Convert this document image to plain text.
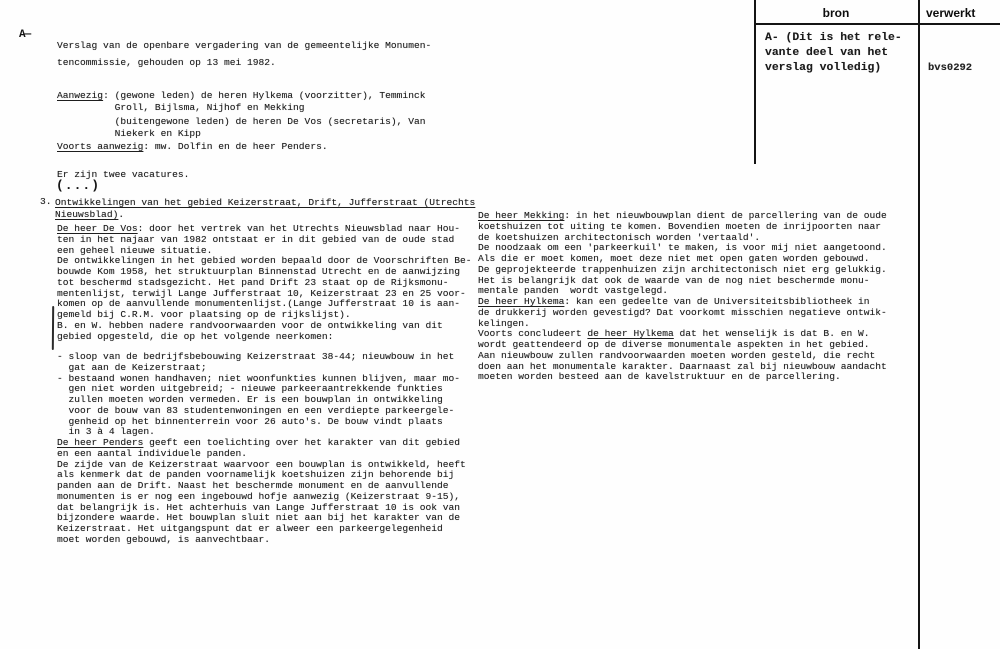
bron	verwerkt
A- (Dit is het rele-
vante deel van het
verslag volledig)	bvs0292
A—
Verslag van de openbare vergadering van de gemeentelijke Monumen-
tencommissie, gehouden op 13 mei 1982.
Aanwezig: (gewone leden) de heren Hylkema (voorzitter), Temminck
Groll, Bijlsma, Nijhof en Mekking
(buitengewone leden) de heren De Vos (secretaris), Van
Niekerk en Kipp
Voorts aanwezig: mw. Dolfin en de heer Penders.
Er zijn twee vacatures.
(...)
3. Ontwikkelingen van het gebied Keizerstraat, Drift, Jufferstraat (Utrechts
Nieuwsblad).
De heer De Vos: door het vertrek van het Utrechts Nieuwsblad naar Hou-
ten in het najaar van 1982 ontstaat er in dit gebied van de oude stad
een geheel nieuwe situatie.
De ontwikkelingen in het gebied worden bepaald door de Voorschriften Be-
bouwde Kom 1958, het struktuurplan Binnenstad Utrecht en de aanwijzing
tot beschermd stadsgezicht. Het pand Drift 23 staat op de Rijksmonu-
mentenlijst, terwijl Lange Jufferstraat 10, Keizerstraat 23 en 25 voor-
komen op de aanvullende monumentenlijst.(Lange Jufferstraat 10 is aan-
gemeld bij C.R.M. voor plaatsing op de rijkslijst).
B. en W. hebben nadere randvoorwaarden voor de ontwikkeling van dit
gebied opgesteld, die op het volgende neerkomen:
- sloop van de bedrijfsbebouwing Keizerstraat 38-44; nieuwbouw in het
gat aan de Keizerstraat;
- bestaand wonen handhaven; niet woonfunkties kunnen blijven, maar mo-
gen niet worden uitgebreid; - nieuwe parkeeraantrekkende funkties
zullen moeten worden vermeden. Er is een bouwplan in ontwikkeling
voor de bouw van 83 studentenwoningen en een verdiepte parkeergele-
genheid op het binnenterrein voor 26 auto's. De bouw vindt plaats
in 3 à 4 lagen.
De heer Penders geeft een toelichting over het karakter van dit gebied
en een aantal individuele panden.
De zijde van de Keizerstraat waarvoor een bouwplan is ontwikkeld, heeft
als kenmerk dat de panden voornamelijk koetshuizen zijn behorende bij
panden aan de Drift. Naast het beschermde monument en de aanvullende
monumenten is er nog een ingebouwd hofje aanwezig (Keizerstraat 9-15),
dat belangrijk is. Het achterhuis van Lange Jufferstraat 10 is ook van
bijzondere waarde. Het bouwplan sluit niet aan bij het karakter van de
Keizerstraat. Het uitgangspunt dat er alweer een parkeergelegenheid
moet worden gebouwd, is aanvechtbaar.
De heer Mekking: in het nieuwbouwplan dient de parcellering van de oude
koetshuizen tot uiting te komen. Bovendien moeten de inrijpoorten naar
de koetshuizen architectonisch worden 'vertaald'.
De noodzaak om een 'parkeerkuil' te maken, is voor mij niet aangetoond.
Als die er moet komen, moet deze niet met open gaten worden gebouwd.
De geprojekteerde trappenhuizen zijn architectonisch niet erg gelukkig.
Het is belangrijk dat ook de waarde van de nog niet beschermde monu-
mentale panden  wordt vastgelegd.
De heer Hylkema: kan een gedeelte van de Universiteitsbibliotheek in
de drukkerij worden gevestigd? Dat voorkomt misschien negatieve ontwik-
kelingen.
Voorts concludeert de heer Hylkema dat het wenselijk is dat B. en W.
wordt geattendeerd op de diverse monumentale aspekten in het gebied.
Aan nieuwbouw zullen randvoorwaarden moeten worden gesteld, die recht
doen aan het monumentale karakter. Daarnaast zal bij nieuwbouw aandacht
moeten worden besteed aan de kavelstruktuur en de parcellering.
